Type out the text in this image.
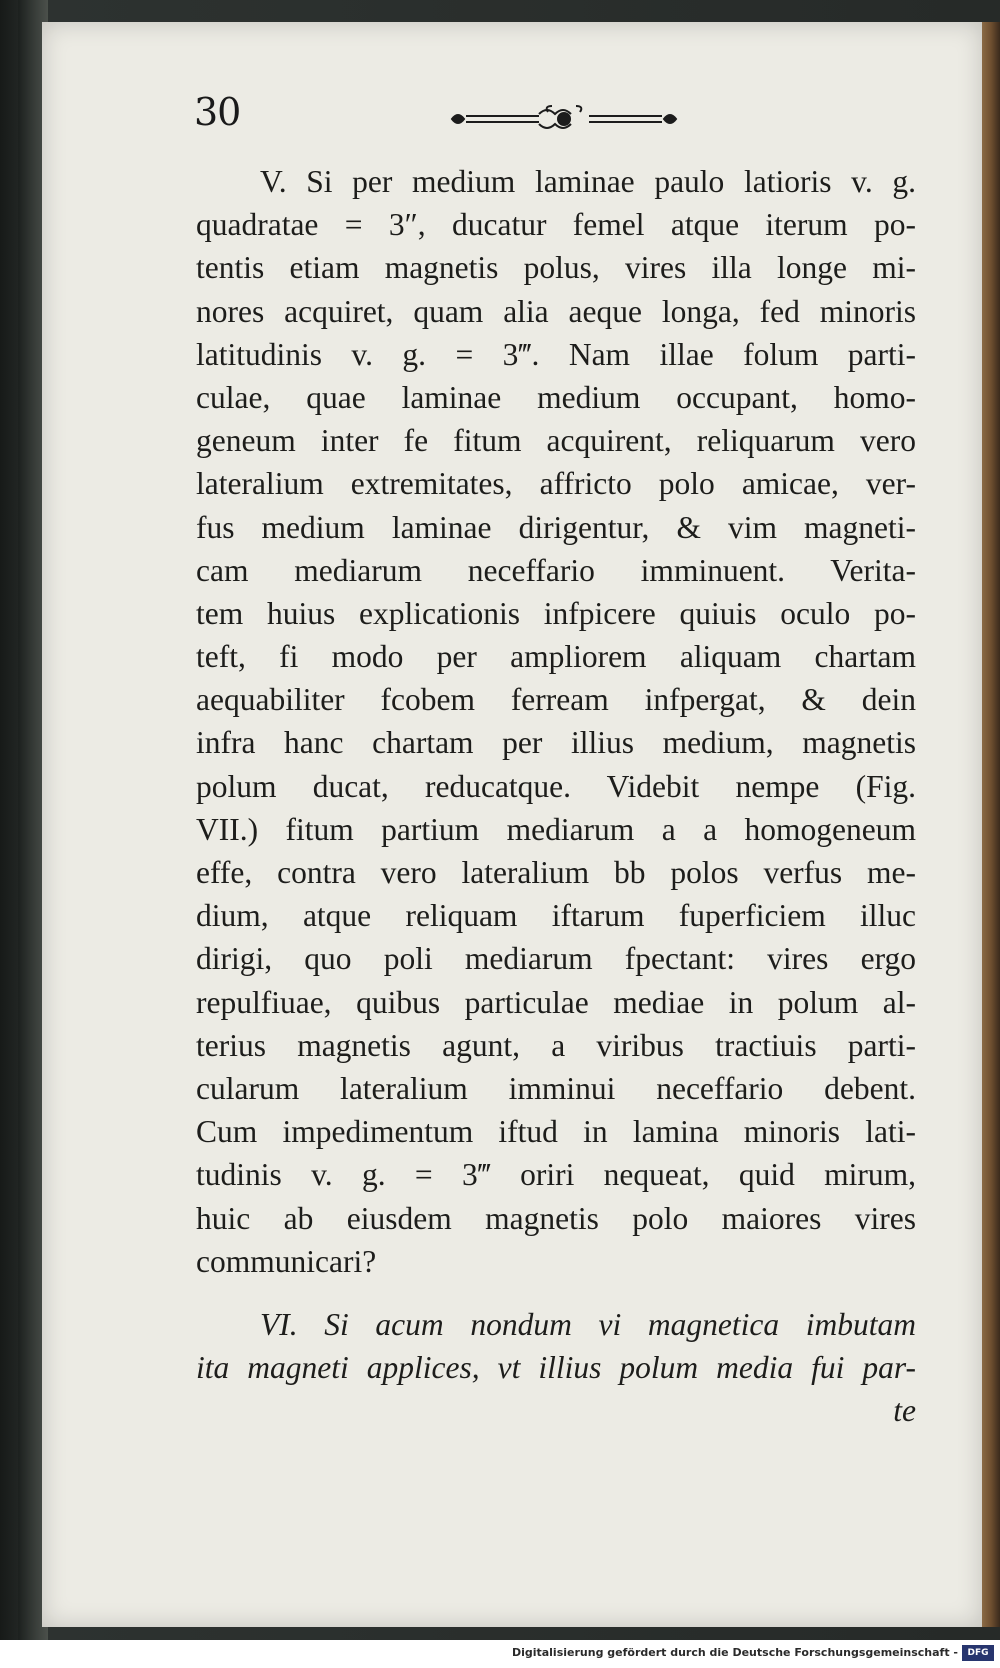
30
V. Si per medium laminae paulo latioris v. g.
quadratae = 3″, ducatur femel atque iterum po-
tentis etiam magnetis polus, vires illa longe mi-
nores acquiret, quam alia aeque longa, fed minoris
latitudinis v. g. = 3‴. Nam illae folum parti-
culae, quae laminae medium occupant, homo-
geneum inter fe fitum acquirent, reliquarum vero
lateralium extremitates, affricto polo amicae, ver-
fus medium laminae dirigentur, & vim magneti-
cam mediarum neceffario imminuent. Verita-
tem huius explicationis infpicere quiuis oculo po-
teft, fi modo per ampliorem aliquam chartam
aequabiliter fcobem ferream infpergat, & dein
infra hanc chartam per illius medium, magnetis
polum ducat, reducatque. Videbit nempe (Fig.
VII.) fitum partium mediarum a a homogeneum
effe, contra vero lateralium bb polos verfus me-
dium, atque reliquam iftarum fuperficiem illuc
dirigi, quo poli mediarum fpectant: vires ergo
repulfiuae, quibus particulae mediae in polum al-
terius magnetis agunt, a viribus tractiuis parti-
cularum lateralium imminui neceffario debent.
Cum impedimentum iftud in lamina minoris lati-
tudinis v. g. = 3‴ oriri nequeat, quid mirum,
huic ab eiusdem magnetis polo maiores vires
communicari?
VI. Si acum nondum vi magnetica imbutam
ita magneti applices, vt illius polum media fui par-
te
Digitalisierung gefördert durch die Deutsche Forschungsgemeinschaft -	DFG
